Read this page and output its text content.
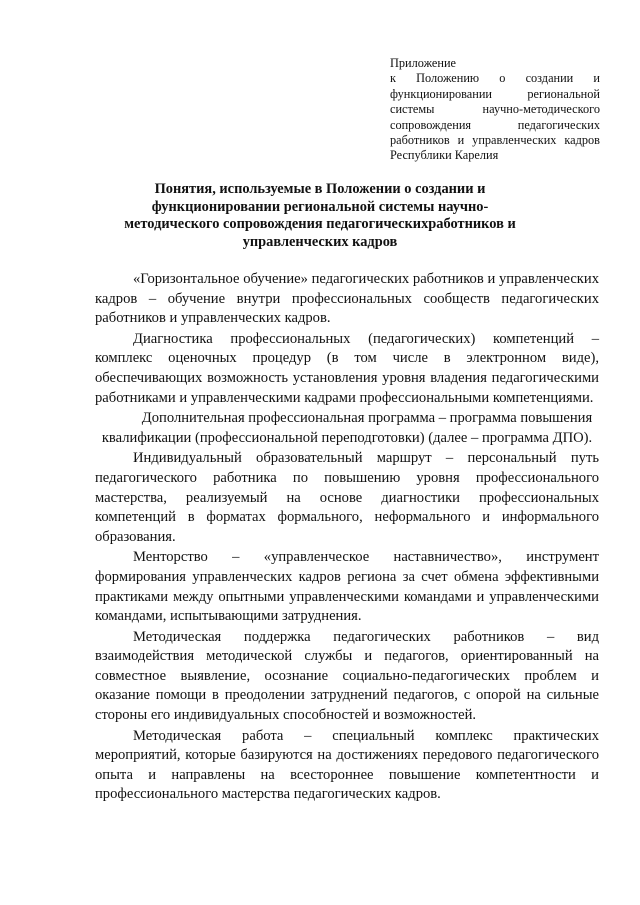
Приложение
к Положению о создании и функционировании региональной системы научно-методического сопровождения педагогических работников и управленческих кадров Республики Карелия
Понятия, используемые в Положении о создании и функционировании региональной системы научно-методического сопровождения педагогическихработников и управленческих кадров

«Горизонтальное обучение» педагогических работников и управленческих кадров – обучение внутри профессиональных сообществ педагогических работников и управленческих кадров.

Диагностика профессиональных (педагогических) компетенций – комплекс оценочных процедур (в том числе в электронном виде), обеспечивающих возможность установления уровня владения педагогическими работниками и управленческими кадрами профессиональными компетенциями.

Дополнительная профессиональная программа – программа повышения квалификации (профессиональной переподготовки) (далее – программа ДПО).

Индивидуальный образовательный маршрут – персональный путь педагогического работника по повышению уровня профессионального мастерства, реализуемый на основе диагностики профессиональных компетенций в форматах формального, неформального и информального образования.

Менторство – «управленческое наставничество», инструмент формирования управленческих кадров региона за счет обмена эффективными практиками между опытными управленческими командами и управленческими командами, испытывающими затруднения.

Методическая поддержка педагогических работников – вид взаимодействия методической службы и педагогов, ориентированный на совместное выявление, осознание социально-педагогических проблем и оказание помощи в преодолении затруднений педагогов, с опорой на сильные стороны его индивидуальных способностей и возможностей.

Методическая работа – специальный комплекс практических мероприятий, которые базируются на достижениях передового педагогического опыта и направлены на всестороннее повышение компетентности и профессионального мастерства педагогических кадров.
